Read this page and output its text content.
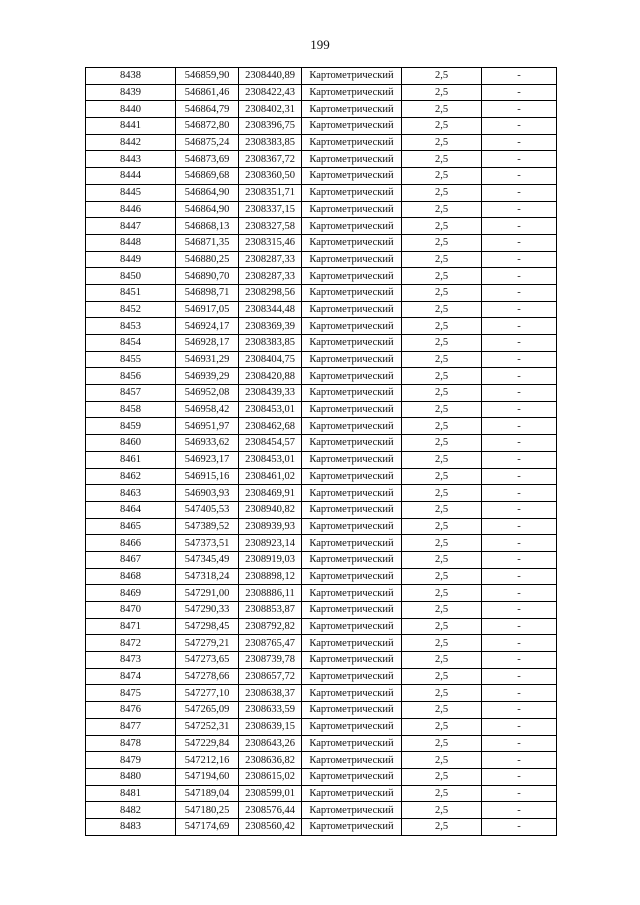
199
8438	546859,90	2308440,89	Картометрический	2,5	-
8439	546861,46	2308422,43	Картометрический	2,5	-
8440	546864,79	2308402,31	Картометрический	2,5	-
8441	546872,80	2308396,75	Картометрический	2,5	-
8442	546875,24	2308383,85	Картометрический	2,5	-
8443	546873,69	2308367,72	Картометрический	2,5	-
8444	546869,68	2308360,50	Картометрический	2,5	-
8445	546864,90	2308351,71	Картометрический	2,5	-
8446	546864,90	2308337,15	Картометрический	2,5	-
8447	546868,13	2308327,58	Картометрический	2,5	-
8448	546871,35	2308315,46	Картометрический	2,5	-
8449	546880,25	2308287,33	Картометрический	2,5	-
8450	546890,70	2308287,33	Картометрический	2,5	-
8451	546898,71	2308298,56	Картометрический	2,5	-
8452	546917,05	2308344,48	Картометрический	2,5	-
8453	546924,17	2308369,39	Картометрический	2,5	-
8454	546928,17	2308383,85	Картометрический	2,5	-
8455	546931,29	2308404,75	Картометрический	2,5	-
8456	546939,29	2308420,88	Картометрический	2,5	-
8457	546952,08	2308439,33	Картометрический	2,5	-
8458	546958,42	2308453,01	Картометрический	2,5	-
8459	546951,97	2308462,68	Картометрический	2,5	-
8460	546933,62	2308454,57	Картометрический	2,5	-
8461	546923,17	2308453,01	Картометрический	2,5	-
8462	546915,16	2308461,02	Картометрический	2,5	-
8463	546903,93	2308469,91	Картометрический	2,5	-
8464	547405,53	2308940,82	Картометрический	2,5	-
8465	547389,52	2308939,93	Картометрический	2,5	-
8466	547373,51	2308923,14	Картометрический	2,5	-
8467	547345,49	2308919,03	Картометрический	2,5	-
8468	547318,24	2308898,12	Картометрический	2,5	-
8469	547291,00	2308886,11	Картометрический	2,5	-
8470	547290,33	2308853,87	Картометрический	2,5	-
8471	547298,45	2308792,82	Картометрический	2,5	-
8472	547279,21	2308765,47	Картометрический	2,5	-
8473	547273,65	2308739,78	Картометрический	2,5	-
8474	547278,66	2308657,72	Картометрический	2,5	-
8475	547277,10	2308638,37	Картометрический	2,5	-
8476	547265,09	2308633,59	Картометрический	2,5	-
8477	547252,31	2308639,15	Картометрический	2,5	-
8478	547229,84	2308643,26	Картометрический	2,5	-
8479	547212,16	2308636,82	Картометрический	2,5	-
8480	547194,60	2308615,02	Картометрический	2,5	-
8481	547189,04	2308599,01	Картометрический	2,5	-
8482	547180,25	2308576,44	Картометрический	2,5	-
8483	547174,69	2308560,42	Картометрический	2,5	-
